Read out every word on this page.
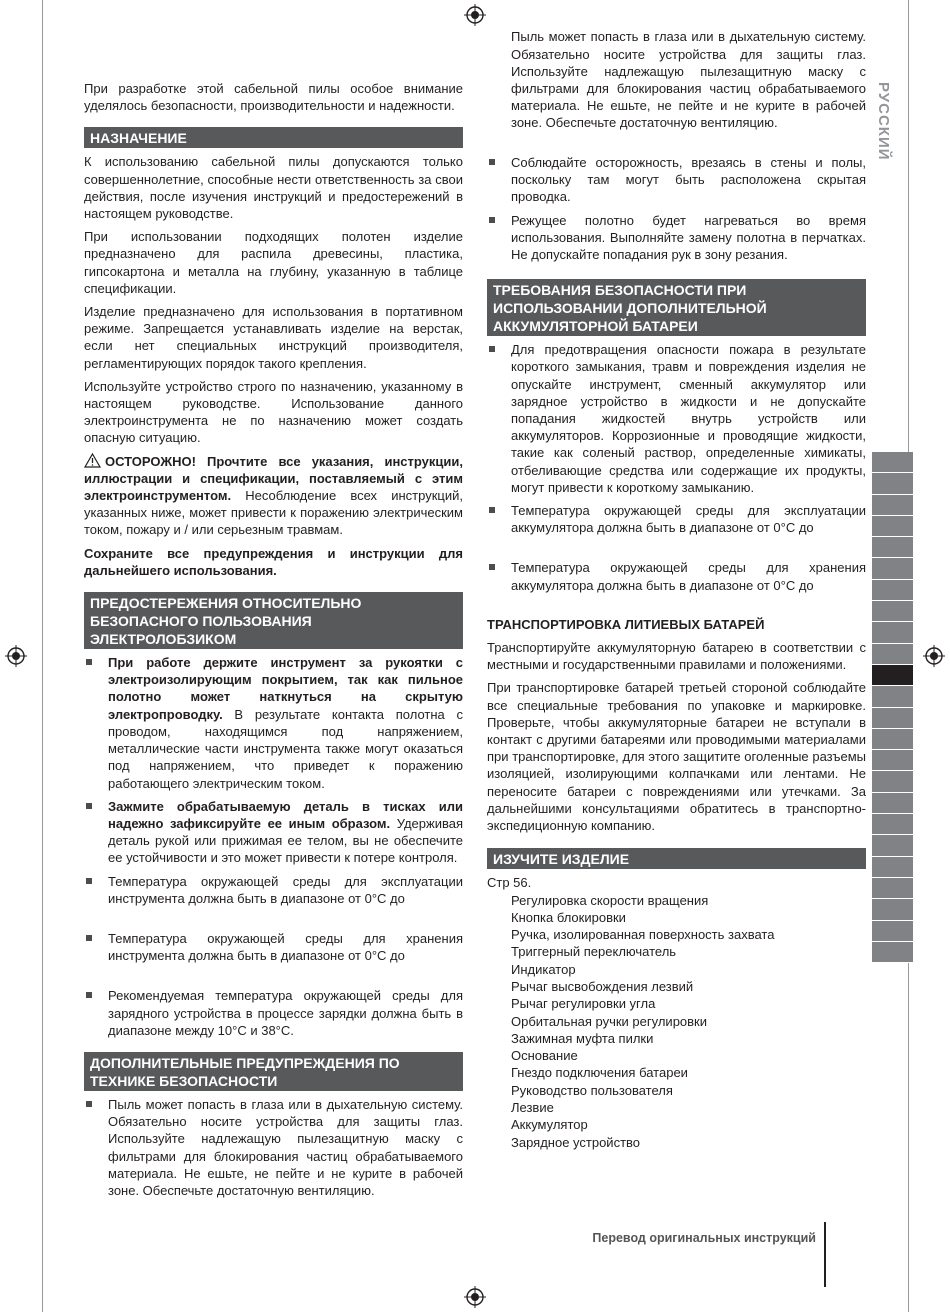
При разработке этой сабельной пилы особое внимание уделялось безопасности, производительности и надежности.

НАЗНАЧЕНИЕ

К использованию сабельной пилы допускаются только совершеннолетние, способные нести ответственность за свои действия, после изучения инструкций и предостережений в настоящем руководстве.

При использовании подходящих полотен изделие предназначено для распила древесины, пластика, гипсокартона и металла на глубину, указанную в таблице спецификации.

Изделие предназначено для использования в портативном режиме. Запрещается устанавливать изделие на верстак, если нет специальных инструкций производителя, регламентирующих порядок такого крепления.

Используйте устройство строго по назначению, указанному в настоящем руководстве. Использование данного электроинструмента не по назначению может создать опасную ситуацию.

ОСТОРОЖНО! Прочтите все указания, инструкции, иллюстрации и спецификации, поставляемый с этим электроинструментом. Несоблюдение всех инструкций, указанных ниже, может привести к поражению электрическим током, пожару и / или серьезным травмам.

Сохраните все предупреждения и инструкции для дальнейшего использования.

ПРЕДОСТЕРЕЖЕНИЯ ОТНОСИТЕЛЬНО БЕЗОПАСНОГО ПОЛЬЗОВАНИЯ ЭЛЕКТРОЛОБЗИКОМ
При работе держите инструмент за рукоятки с электроизолирующим покрытием, так как пильное полотно может наткнуться на скрытую электропроводку. В результате контакта полотна с проводом, находящимся под напряжением, металлические части инструмента также могут оказаться под напряжением, что приведет к поражению работающего электрическим током.
Зажмите обрабатываемую деталь в тисках или надежно зафиксируйте ее иным образом. Удерживая деталь рукой или прижимая ее телом, вы не обеспечите ее устойчивости и это может привести к потере контроля.
Температура окружающей среды для эксплуатации инструмента должна быть в диапазоне от 0°C до
Температура окружающей среды для хранения инструмента должна быть в диапазоне от 0°C до
Рекомендуемая температура окружающей среды для зарядного устройства в процессе зарядки должна быть в диапазоне между 10°C и 38°C.
ДОПОЛНИТЕЛЬНЫЕ ПРЕДУПРЕЖДЕНИЯ ПО ТЕХНИКЕ БЕЗОПАСНОСТИ
Пыль может попасть в глаза или в дыхательную систему. Обязательно носите устройства для защиты глаз. Используйте надлежащую пылезащитную маску с фильтрами для блокирования частиц обрабатываемого материала. Не ешьте, не пейте и не курите в рабочей зоне. Обеспечьте достаточную вентиляцию.
Пыль может попасть в глаза или в дыхательную систему. Обязательно носите устройства для защиты глаз. Используйте надлежащую пылезащитную маску с фильтрами для блокирования частиц обрабатываемого материала. Не ешьте, не пейте и не курите в рабочей зоне. Обеспечьте достаточную вентиляцию.
Соблюдайте осторожность, врезаясь в стены и полы, поскольку там могут быть расположена скрытая проводка.
Режущее полотно будет нагреваться во время использования. Выполняйте замену полотна в перчатках. Не допускайте попадания рук в зону резания.
ТРЕБОВАНИЯ БЕЗОПАСНОСТИ ПРИ ИСПОЛЬЗОВАНИИ ДОПОЛНИТЕЛЬНОЙ АККУМУЛЯТОРНОЙ БАТАРЕИ
Для предотвращения опасности пожара в результате короткого замыкания, травм и повреждения изделия не опускайте инструмент, сменный аккумулятор или зарядное устройство в жидкости и не допускайте попадания жидкостей внутрь устройств или аккумуляторов. Коррозионные и проводящие жидкости, такие как соленый раствор, определенные химикаты, отбеливающие средства или содержащие их продукты, могут привести к короткому замыканию.
Температура окружающей среды для эксплуатации аккумулятора должна быть в диапазоне от 0°C до
Температура окружающей среды для хранения аккумулятора должна быть в диапазоне от 0°C до
ТРАНСПОРТИРОВКА ЛИТИЕВЫХ БАТАРЕЙ

Транспортируйте аккумуляторную батарею в соответствии с местными и государственными правилами и положениями.

При транспортировке батарей третьей стороной соблюдайте все специальные требования по упаковке и маркировке. Проверьте, чтобы аккумуляторные батареи не вступали в контакт с другими батареями или проводимыми материалами при транспортировке, для этого защитите оголенные разъемы изоляцией, изолирующими колпачками или лентами. Не переносите батареи с повреждениями или утечками. За дальнейшими консультациями обратитесь в транспортно-экспедиционную компанию.

ИЗУЧИТЕ ИЗДЕЛИЕ
Стр 56.
Регулировка скорости вращения
Кнопка блокировки
Ручка, изолированная поверхность захвата
Триггерный переключатель
Индикатор
Рычаг высвобождения лезвий
Рычаг регулировки угла
Орбитальная ручки регулировки
Зажимная муфта пилки
Основание
Гнездо подключения батареи
Руководство пользователя
Лезвие
Аккумулятор
Зарядное устройство
РУССКИЙ
Перевод оригинальных инструкций
